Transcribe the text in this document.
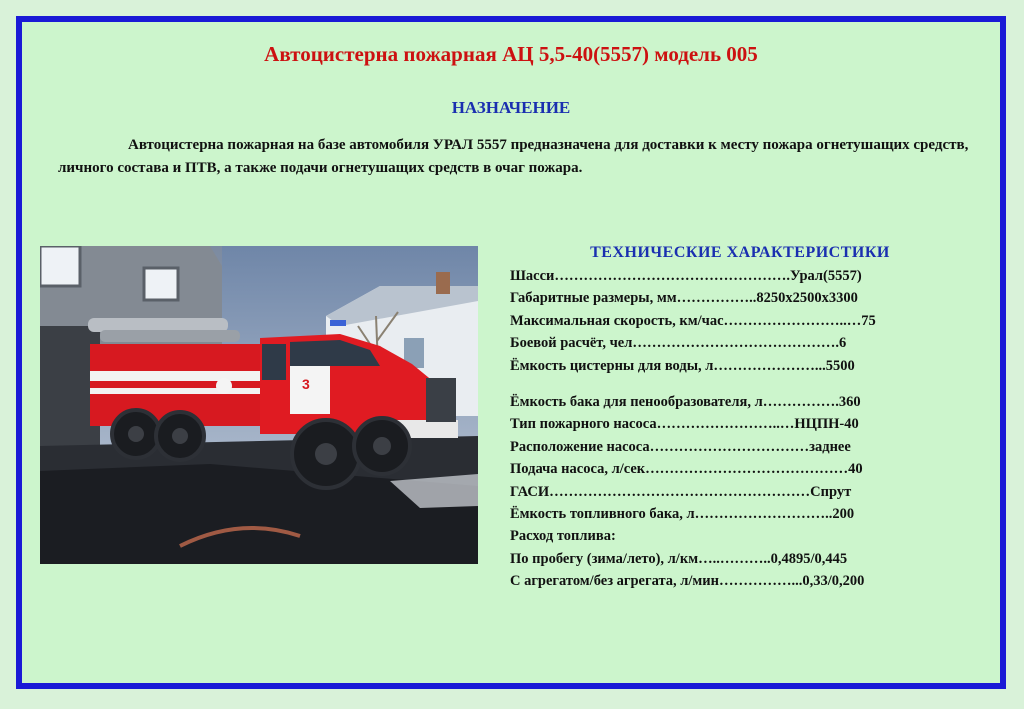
Автоцистерна пожарная АЦ 5,5-40(5557) модель 005
НАЗНАЧЕНИЕ
Автоцистерна пожарная на базе автомобиля УРАЛ 5557 предназначена для доставки к месту пожара огнетушащих средств, личного состава и ПТВ, а также подачи огнетушащих средств в очаг пожара.
3
ТЕХНИЧЕСКИЕ ХАРАКТЕРИСТИКИ
Шасси………………………………………….Урал(5557)
Габаритные размеры, мм……………..8250х2500х3300
Максимальная скорость, км/час……………………..…75
Боевой расчёт, чел…………………………………….6
Ёмкость цистерны для воды, л…………………...5500
Ёмкость бака для пенообразователя, л…………….360
Тип пожарного насоса……………………..…НЦПН-40
Расположение насоса……………………………заднее
Подача насоса, л/сек……………………………………40
ГАСИ………………………………………………Спрут
Ёмкость топливного бака, л………………………..200
Расход топлива:
По пробегу (зима/лето), л/км…..………..0,4895/0,445
С агрегатом/без агрегата, л/мин……………...0,33/0,200
